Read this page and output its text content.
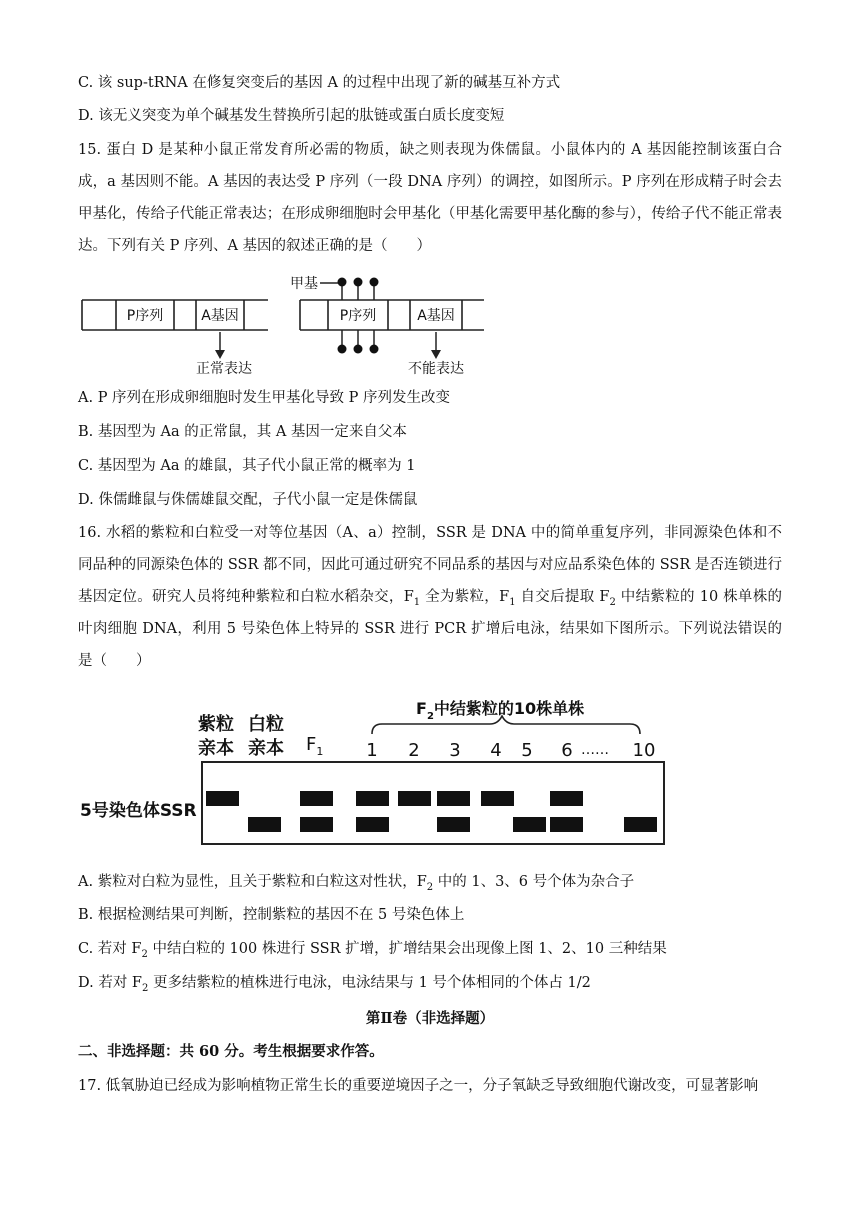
C. 该 sup-tRNA 在修复突变后的基因 A 的过程中出现了新的碱基互补方式
D. 该无义突变为单个碱基发生替换所引起的肽链或蛋白质长度变短
15. 蛋白 D 是某种小鼠正常发育所必需的物质，缺之则表现为侏儒鼠。小鼠体内的 A 基因能控制该蛋白合成，a 基因则不能。A 基因的表达受 P 序列（一段 DNA 序列）的调控，如图所示。P 序列在形成精子时会去甲基化，传给子代能正常表达；在形成卵细胞时会甲基化（甲基化需要甲基化酶的参与），传给子代不能正常表达。下列有关 P 序列、A 基因的叙述正确的是（　　）
P序列	A基因
正常表达
甲基
P序列	A基因
不能表达
A. P 序列在形成卵细胞时发生甲基化导致 P 序列发生改变
B. 基因型为 Aa 的正常鼠，其 A 基因一定来自父本
C. 基因型为 Aa 的雄鼠，其子代小鼠正常的概率为 1
D. 侏儒雌鼠与侏儒雄鼠交配，子代小鼠一定是侏儒鼠
16. 水稻的紫粒和白粒受一对等位基因（A、a）控制，SSR 是 DNA 中的简单重复序列，非同源染色体和不同品种的同源染色体的 SSR 都不同，因此可通过研究不同品系的基因与对应品系染色体的 SSR 是否连锁进行基因定位。研究人员将纯种紫粒和白粒水稻杂交，$F_1$ 全为紫粒，$F_1$ 自交后提取 $F_2$ 中结紫粒的 10 株单株的叶肉细胞 DNA，利用 5 号染色体上特异的 SSR 进行 PCR 扩增后电泳，结果如下图所示。下列说法错误的是（　　）
紫粒
亲本
白粒
亲本 $F_1$
$F_2$中结紫粒的10株单株
1 2 3 4 5 6 …… 10
5号染色体SSR
A. 紫粒对白粒为显性，且关于紫粒和白粒这对性状，$F_2$ 中的 1、3、6 号个体为杂合子
B. 根据检测结果可判断，控制紫粒的基因不在 5 号染色体上
C. 若对 $F_2$ 中结白粒的 100 株进行 SSR 扩增，扩增结果会出现像上图 1、2、10 三种结果
D. 若对 $F_2$ 更多结紫粒的植株进行电泳，电泳结果与 1 号个体相同的个体占 1/2
第Ⅱ卷（非选择题）
二、非选择题：共 60 分。考生根据要求作答。
17. 低氧胁迫已经成为影响植物正常生长的重要逆境因子之一，分子氧缺乏导致细胞代谢改变，可显著影响
